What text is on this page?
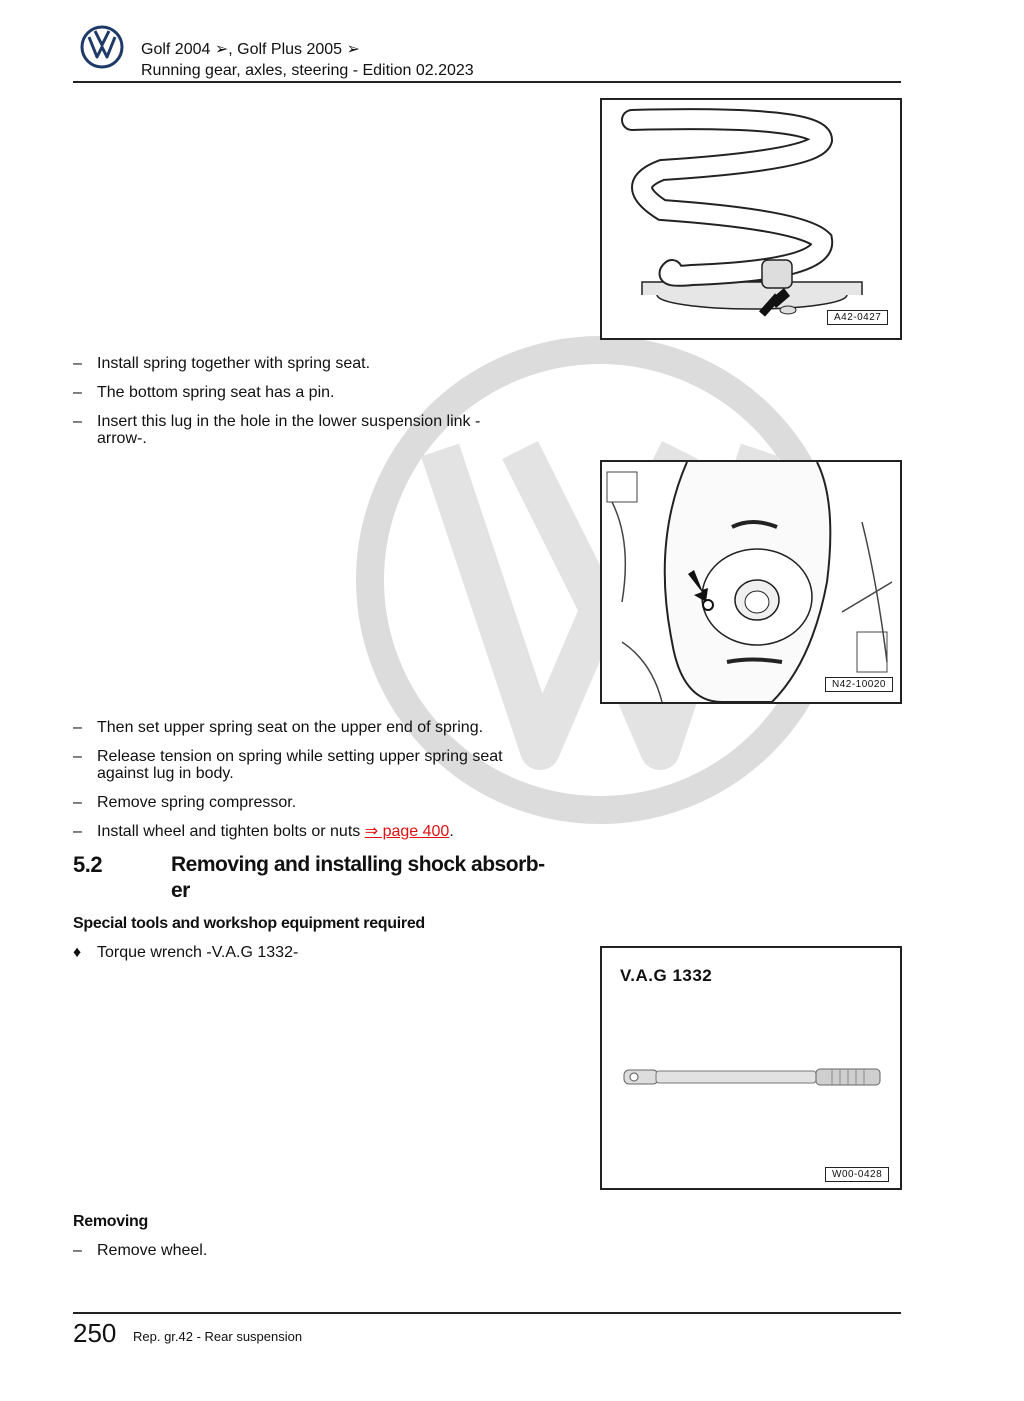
Golf 2004 ➢, Golf Plus 2005 ➢
Running gear, axles, steering - Edition 02.2023
A42-0427
– Install spring together with spring seat.
– The bottom spring seat has a pin.
– Insert this lug in the hole in the lower suspension link -arrow-.
N42-10020
– Then set upper spring seat on the upper end of spring.
– Release tension on spring while setting upper spring seat against lug in body.
– Remove spring compressor.
– Install wheel and tighten bolts or nuts ⇒ page 400.
5.2	Removing and installing shock absorb-
er
Special tools and workshop equipment required
♦ Torque wrench -V.A.G 1332-
V.A.G 1332
W00-0428
Removing
– Remove wheel.
250 Rep. gr.42 - Rear suspension
